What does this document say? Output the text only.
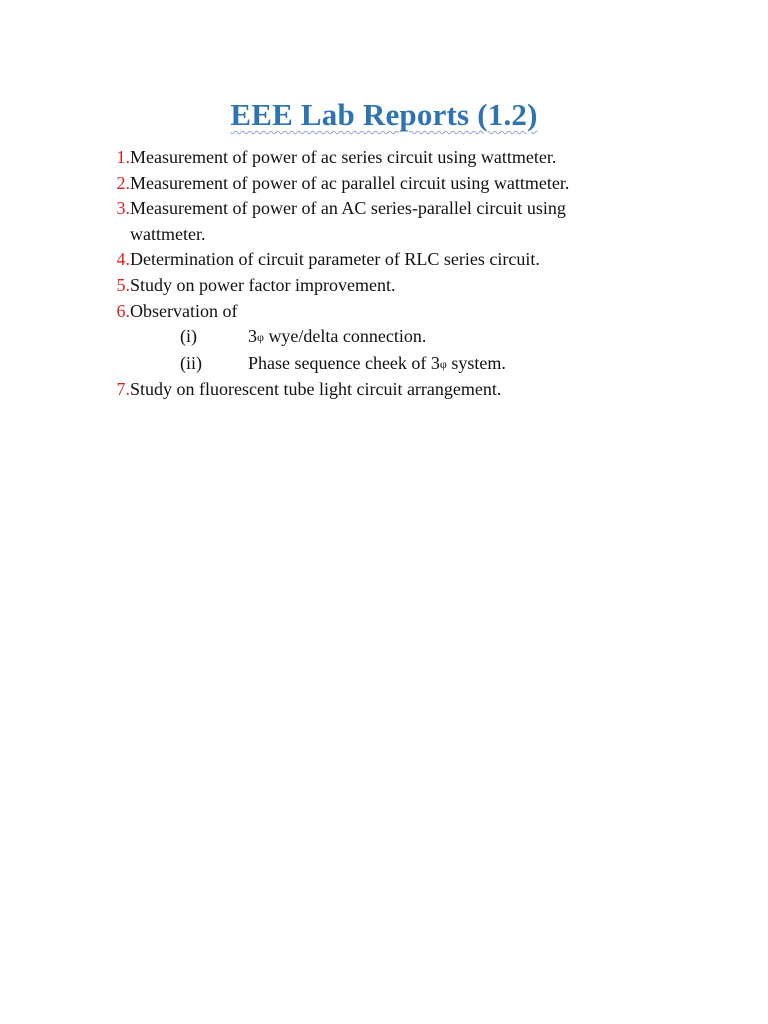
EEE Lab Reports (1.2)
1. Measurement of power of ac series circuit using wattmeter.
2. Measurement of power of ac parallel circuit using wattmeter.
3. Measurement of power of an AC series-parallel circuit using wattmeter.
4. Determination of circuit parameter of RLC series circuit.
5. Study on power factor improvement.
6. Observation of
(i)	3φ wye/delta connection.
(ii)	Phase sequence cheek of 3φ system.
7. Study on fluorescent tube light circuit arrangement.
